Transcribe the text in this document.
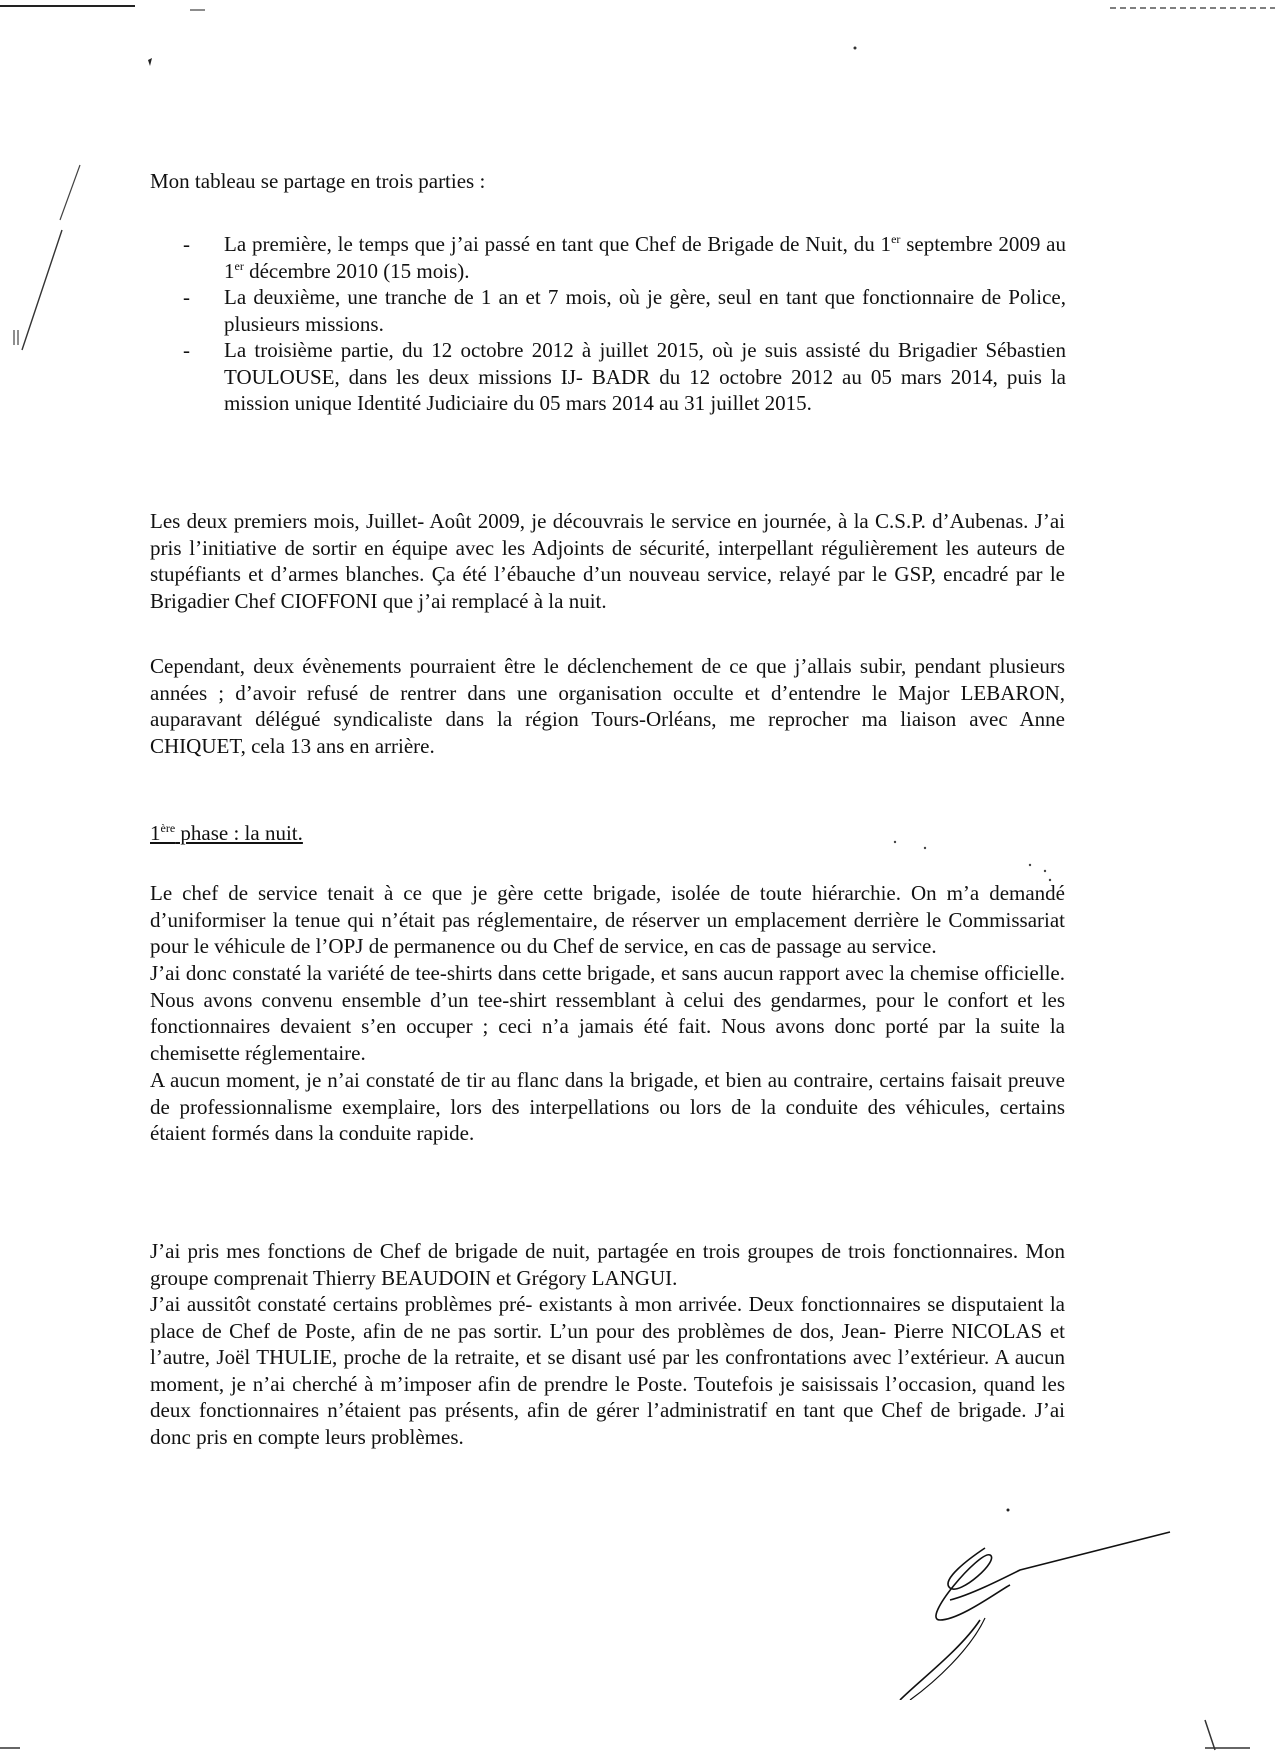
Mon tableau se partage en trois parties :

- La première, le temps que j’ai passé en tant que Chef de Brigade de Nuit, du 1er septembre 2009 au 1er décembre 2010 (15 mois).
- La deuxième, une tranche de 1 an et 7 mois, où je gère, seul en tant que fonctionnaire de Police, plusieurs missions.
- La troisième partie, du 12 octobre 2012 à juillet 2015, où je suis assisté du Brigadier Sébastien TOULOUSE, dans les deux missions IJ- BADR du 12 octobre 2012 au 05 mars 2014, puis la mission unique Identité Judiciaire du 05 mars 2014 au 31 juillet 2015.

Les deux premiers mois, Juillet- Août 2009, je découvrais le service en journée, à la C.S.P. d’Aubenas. J’ai pris l’initiative de sortir en équipe avec les Adjoints de sécurité, interpellant régulièrement les auteurs de stupéfiants et d’armes blanches. Ça été l’ébauche d’un nouveau service, relayé par le GSP, encadré par le Brigadier Chef CIOFFONI que j’ai remplacé à la nuit.

Cependant, deux évènements pourraient être le déclenchement de ce que j’allais subir, pendant plusieurs années ; d’avoir refusé de rentrer dans une organisation occulte et d’entendre le Major LEBARON, auparavant délégué syndicaliste dans la région Tours-Orléans, me reprocher ma liaison avec Anne CHIQUET, cela 13 ans en arrière.

1ère phase : la nuit.

Le chef de service tenait à ce que je gère cette brigade, isolée de toute hiérarchie. On m’a demandé d’uniformiser la tenue qui n’était pas réglementaire, de réserver un emplacement derrière le Commissariat pour le véhicule de l’OPJ de permanence ou du Chef de service, en cas de passage au service.

J’ai donc constaté la variété de tee-shirts dans cette brigade, et sans aucun rapport avec la chemise officielle. Nous avons convenu ensemble d’un tee-shirt ressemblant à celui des gendarmes, pour le confort et les fonctionnaires devaient s’en occuper ; ceci n’a jamais été fait. Nous avons donc porté par la suite la chemisette réglementaire.

A aucun moment, je n’ai constaté de tir au flanc dans la brigade, et bien au contraire, certains faisait preuve de professionnalisme exemplaire, lors des interpellations ou lors de la conduite des véhicules, certains étaient formés dans la conduite rapide.

J’ai pris mes fonctions de Chef de brigade de nuit, partagée en trois groupes de trois fonctionnaires. Mon groupe comprenait Thierry BEAUDOIN et Grégory LANGUI.

J’ai aussitôt constaté certains problèmes pré- existants à mon arrivée. Deux fonctionnaires se disputaient la place de Chef de Poste, afin de ne pas sortir. L’un pour des problèmes de dos, Jean- Pierre NICOLAS et l’autre, Joël THULIE, proche de la retraite, et se disant usé par les confrontations avec l’extérieur. A aucun moment, je n’ai cherché à m’imposer afin de prendre le Poste. Toutefois je saisissais l’occasion, quand les deux fonctionnaires n’étaient pas présents, afin de gérer l’administratif en tant que Chef de brigade. J’ai donc pris en compte leurs problèmes.
